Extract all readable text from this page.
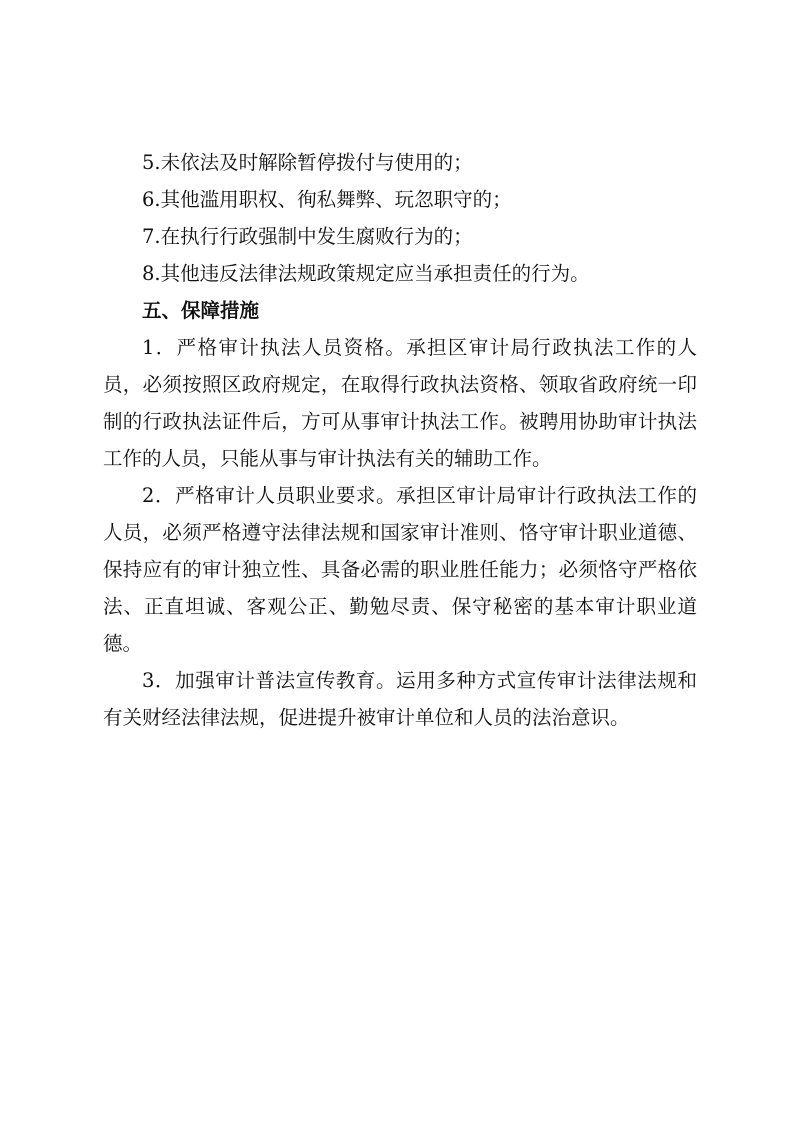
5.未依法及时解除暂停拨付与使用的；

6.其他滥用职权、徇私舞弊、玩忽职守的；

7.在执行行政强制中发生腐败行为的；

8.其他违反法律法规政策规定应当承担责任的行为。

五、保障措施

1．严格审计执法人员资格。承担区审计局行政执法工作的人员，必须按照区政府规定，在取得行政执法资格、领取省政府统一印制的行政执法证件后，方可从事审计执法工作。被聘用协助审计执法工作的人员，只能从事与审计执法有关的辅助工作。

2．严格审计人员职业要求。承担区审计局审计行政执法工作的人员，必须严格遵守法律法规和国家审计准则、恪守审计职业道德、保持应有的审计独立性、具备必需的职业胜任能力；必须恪守严格依法、正直坦诚、客观公正、勤勉尽责、保守秘密的基本审计职业道德。

3．加强审计普法宣传教育。运用多种方式宣传审计法律法规和有关财经法律法规，促进提升被审计单位和人员的法治意识。
